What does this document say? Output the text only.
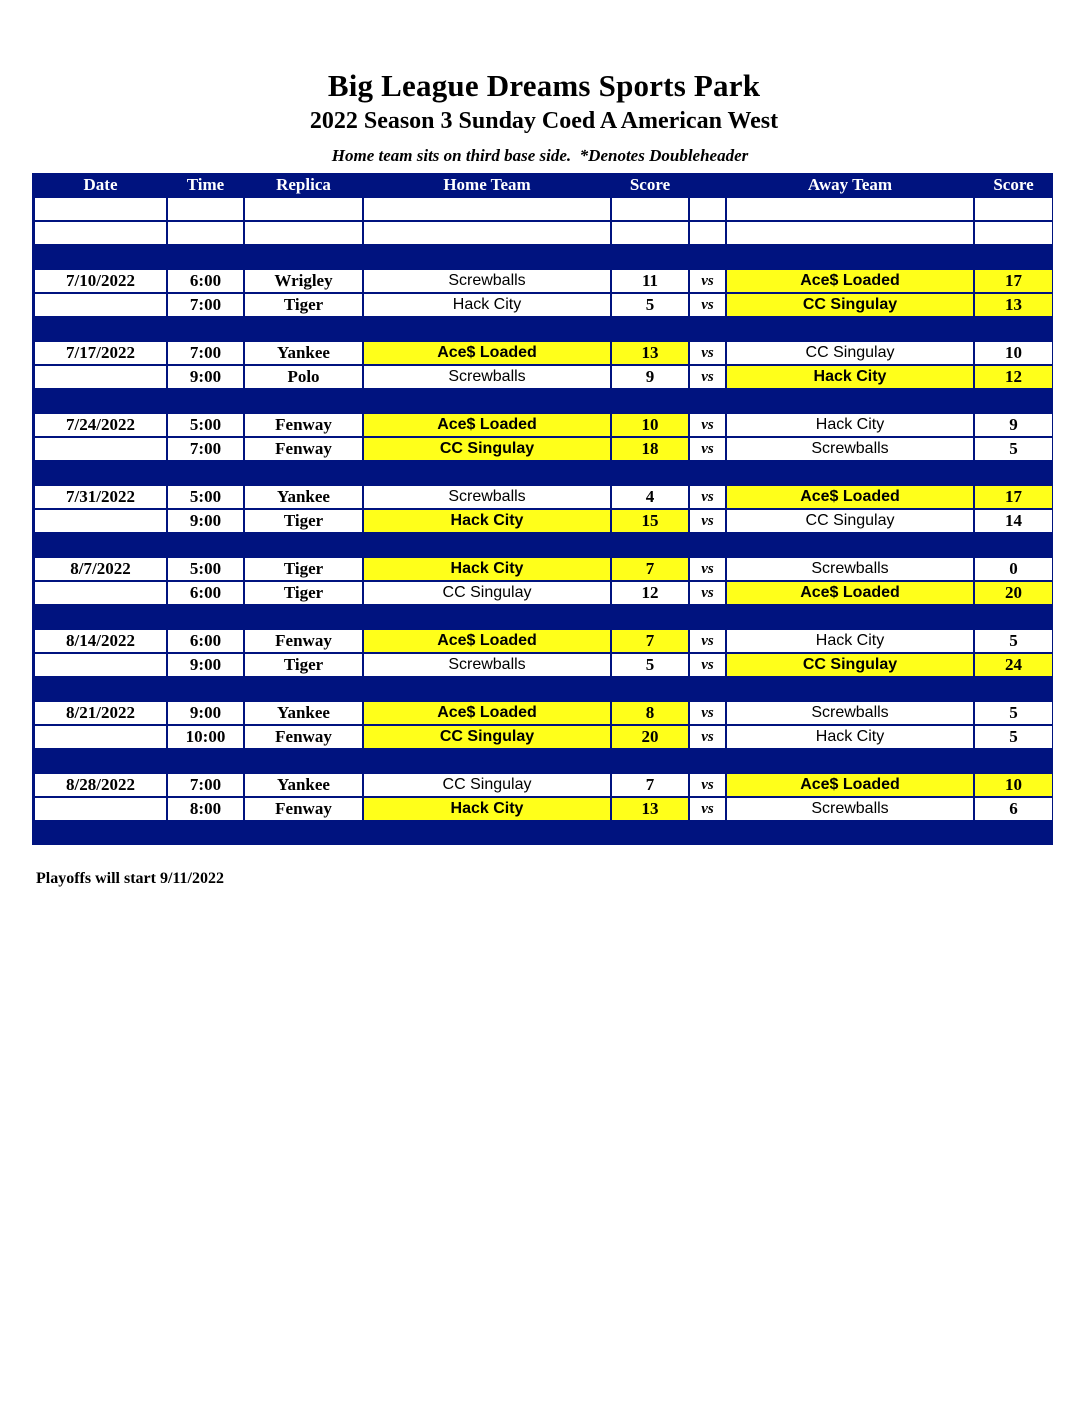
Big League Dreams Sports Park
2022 Season 3 Sunday Coed A American West
Home team sits on third base side.  *Denotes Doubleheader
Date	Time	Replica	Home Team	Score		Away Team	Score

7/10/2022	6:00	Wrigley	Screwballs	11	vs	Ace$ Loaded	17
	7:00	Tiger	Hack City	5	vs	CC Singulay	13

7/17/2022	7:00	Yankee	Ace$ Loaded	13	vs	CC Singulay	10
	9:00	Polo	Screwballs	9	vs	Hack City	12

7/24/2022	5:00	Fenway	Ace$ Loaded	10	vs	Hack City	9
	7:00	Fenway	CC Singulay	18	vs	Screwballs	5

7/31/2022	5:00	Yankee	Screwballs	4	vs	Ace$ Loaded	17
	9:00	Tiger	Hack City	15	vs	CC Singulay	14

8/7/2022	5:00	Tiger	Hack City	7	vs	Screwballs	0
	6:00	Tiger	CC Singulay	12	vs	Ace$ Loaded	20

8/14/2022	6:00	Fenway	Ace$ Loaded	7	vs	Hack City	5
	9:00	Tiger	Screwballs	5	vs	CC Singulay	24

8/21/2022	9:00	Yankee	Ace$ Loaded	8	vs	Screwballs	5
	10:00	Fenway	CC Singulay	20	vs	Hack City	5

8/28/2022	7:00	Yankee	CC Singulay	7	vs	Ace$ Loaded	10
	8:00	Fenway	Hack City	13	vs	Screwballs	6

Playoffs will start 9/11/2022
